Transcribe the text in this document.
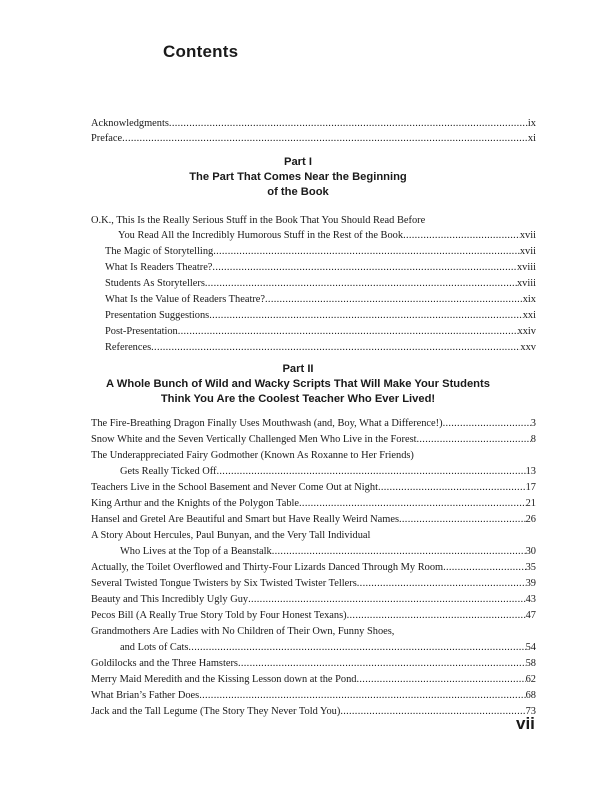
Contents
Acknowledgments .....	ix
Preface .....	xi
Part I
The Part That Comes Near the Beginning
of the Book
O.K., This Is the Really Serious Stuff in the Book That You Should Read Before
You Read All the Incredibly Humorous Stuff in the Rest of the Book .....	xvii
The Magic of Storytelling .....	xvii
What Is Readers Theatre? .....	xviii
Students As Storytellers .....	xviii
What Is the Value of Readers Theatre? .....	xix
Presentation Suggestions .....	xxi
Post-Presentation .....	xxiv
References .....	xxv
Part II
A Whole Bunch of Wild and Wacky Scripts That Will Make Your Students
Think You Are the Coolest Teacher Who Ever Lived!
The Fire-Breathing Dragon Finally Uses Mouthwash (and, Boy, What a Difference!) .....	3
Snow White and the Seven Vertically Challenged Men Who Live in the Forest .....	8
The Underappreciated Fairy Godmother (Known As Roxanne to Her Friends)
Gets Really Ticked Off .....	13
Teachers Live in the School Basement and Never Come Out at Night .....	17
King Arthur and the Knights of the Polygon Table .....	21
Hansel and Gretel Are Beautiful and Smart but Have Really Weird Names .....	26
A Story About Hercules, Paul Bunyan, and the Very Tall Individual
Who Lives at the Top of a Beanstalk .....	30
Actually, the Toilet Overflowed and Thirty-Four Lizards Danced Through My Room .....	35
Several Twisted Tongue Twisters by Six Twisted Twister Tellers .....	39
Beauty and This Incredibly Ugly Guy .....	43
Pecos Bill (A Really True Story Told by Four Honest Texans) .....	47
Grandmothers Are Ladies with No Children of Their Own, Funny Shoes,
and Lots of Cats .....	54
Goldilocks and the Three Hamsters .....	58
Merry Maid Meredith and the Kissing Lesson down at the Pond .....	62
What Brian’s Father Does .....	68
Jack and the Tall Legume (The Story They Never Told You) .....	73
vii
